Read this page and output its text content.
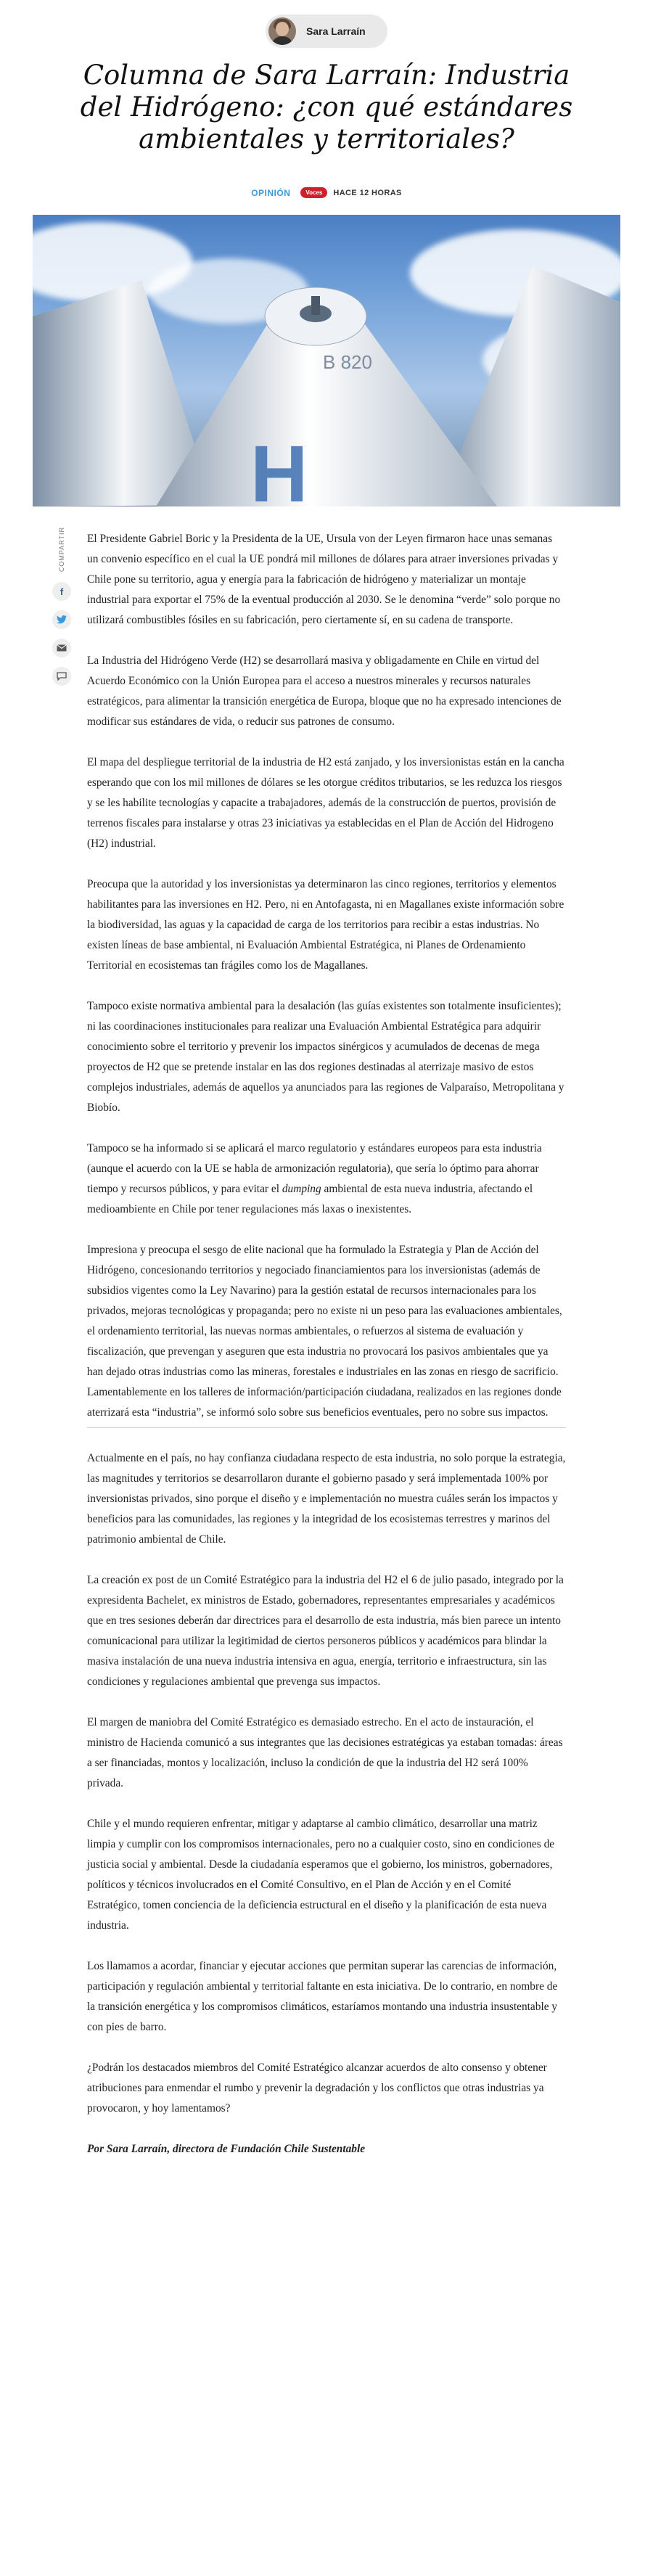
Sara Larraín
Columna de Sara Larraín: Industria del Hidrógeno: ¿con qué estándares ambientales y territoriales?
OPINIÓN	Voces	HACE 12 HORAS
B 820
H
COMPARTIR
f

El Presidente Gabriel Boric y la Presidenta de la UE, Ursula von der Leyen firmaron hace unas semanas un convenio específico en el cual la UE pondrá mil millones de dólares para atraer inversiones privadas y Chile pone su territorio, agua y energía para la fabricación de hidrógeno y materializar un montaje industrial para exportar el 75% de la eventual producción al 2030. Se le denomina “verde” solo porque no utilizará combustibles fósiles en su fabricación, pero ciertamente sí, en su cadena de transporte.

La Industria del Hidrógeno Verde (H2) se desarrollará masiva y obligadamente en Chile en virtud del Acuerdo Económico con la Unión Europea para el acceso a nuestros minerales y recursos naturales estratégicos, para alimentar la transición energética de Europa, bloque que no ha expresado intenciones de modificar sus estándares de vida, o reducir sus patrones de consumo.

El mapa del despliegue territorial de la industria de H2 está zanjado, y los inversionistas están en la cancha esperando que con los mil millones de dólares se les otorgue créditos tributarios, se les reduzca los riesgos y se les habilite tecnologías y capacite a trabajadores, además de la construcción de puertos, provisión de terrenos fiscales para instalarse y otras 23 iniciativas ya establecidas en el Plan de Acción del Hidrogeno (H2) industrial.

Preocupa que la autoridad y los inversionistas ya determinaron las cinco regiones, territorios y elementos habilitantes para las inversiones en H2. Pero, ni en Antofagasta, ni en Magallanes existe información sobre la biodiversidad, las aguas y la capacidad de carga de los territorios para recibir a estas industrias. No existen líneas de base ambiental, ni Evaluación Ambiental Estratégica, ni Planes de Ordenamiento Territorial en ecosistemas tan frágiles como los de Magallanes.

Tampoco existe normativa ambiental para la desalación (las guías existentes son totalmente insuficientes); ni las coordinaciones institucionales para realizar una Evaluación Ambiental Estratégica para adquirir conocimiento sobre el territorio y prevenir los impactos sinérgicos y acumulados de decenas de mega proyectos de H2 que se pretende instalar en las dos regiones destinadas al aterrizaje masivo de estos complejos industriales, además de aquellos ya anunciados para las regiones de Valparaíso, Metropolitana y Biobío.

Tampoco se ha informado si se aplicará el marco regulatorio y estándares europeos para esta industria (aunque el acuerdo con la UE se habla de armonización regulatoria), que sería lo óptimo para ahorrar tiempo y recursos públicos, y para evitar el dumping ambiental de esta nueva industria, afectando el medioambiente en Chile por tener regulaciones más laxas o inexistentes.

Impresiona y preocupa el sesgo de elite nacional que ha formulado la Estrategia y Plan de Acción del Hidrógeno, concesionando territorios y negociado financiamientos para los inversionistas (además de subsidios vigentes como la Ley Navarino) para la gestión estatal de recursos internacionales para los privados, mejoras tecnológicas y propaganda; pero no existe ni un peso para las evaluaciones ambientales, el ordenamiento territorial, las nuevas normas ambientales, o refuerzos al sistema de evaluación y fiscalización, que prevengan y aseguren que esta industria no provocará los pasivos ambientales que ya han dejado otras industrias como las mineras, forestales e industriales en las zonas en riesgo de sacrificio. Lamentablemente en los talleres de información/participación ciudadana, realizados en las regiones donde aterrizará esta “industria”, se informó solo sobre sus beneficios eventuales, pero no sobre sus impactos.

Actualmente en el país, no hay confianza ciudadana respecto de esta industria, no solo porque la estrategia, las magnitudes y territorios se desarrollaron durante el gobierno pasado y será implementada 100% por inversionistas privados, sino porque el diseño y e implementación no muestra cuáles serán los impactos y beneficios para las comunidades, las regiones y la integridad de los ecosistemas terrestres y marinos del patrimonio ambiental de Chile.

La creación ex post de un Comité Estratégico para la industria del H2 el 6 de julio pasado, integrado por la expresidenta Bachelet, ex ministros de Estado, gobernadores, representantes empresariales y académicos que en tres sesiones deberán dar directrices para el desarrollo de esta industria, más bien parece un intento comunicacional para utilizar la legitimidad de ciertos personeros públicos y académicos para blindar la masiva instalación de una nueva industria intensiva en agua, energía, territorio e infraestructura, sin las condiciones y regulaciones ambiental que prevenga sus impactos.

El margen de maniobra del Comité Estratégico es demasiado estrecho. En el acto de instauración, el ministro de Hacienda comunicó a sus integrantes que las decisiones estratégicas ya estaban tomadas: áreas a ser financiadas, montos y localización, incluso la condición de que la industria del H2 será 100% privada.

Chile y el mundo requieren enfrentar, mitigar y adaptarse al cambio climático, desarrollar una matriz limpia y cumplir con los compromisos internacionales, pero no a cualquier costo, sino en condiciones de justicia social y ambiental. Desde la ciudadanía esperamos que el gobierno, los ministros, gobernadores, políticos y técnicos involucrados en el Comité Consultivo, en el Plan de Acción y en el Comité Estratégico, tomen conciencia de la deficiencia estructural en el diseño y la planificación de esta nueva industria.

Los llamamos a acordar, financiar y ejecutar acciones que permitan superar las carencias de información, participación y regulación ambiental y territorial faltante en esta iniciativa. De lo contrario, en nombre de la transición energética y los compromisos climáticos, estaríamos montando una industria insustentable y con pies de barro.

¿Podrán los destacados miembros del Comité Estratégico alcanzar acuerdos de alto consenso y obtener atribuciones para enmendar el rumbo y prevenir la degradación y los conflictos que otras industrias ya provocaron, y hoy lamentamos?

Por Sara Larraín, directora de Fundación Chile Sustentable
